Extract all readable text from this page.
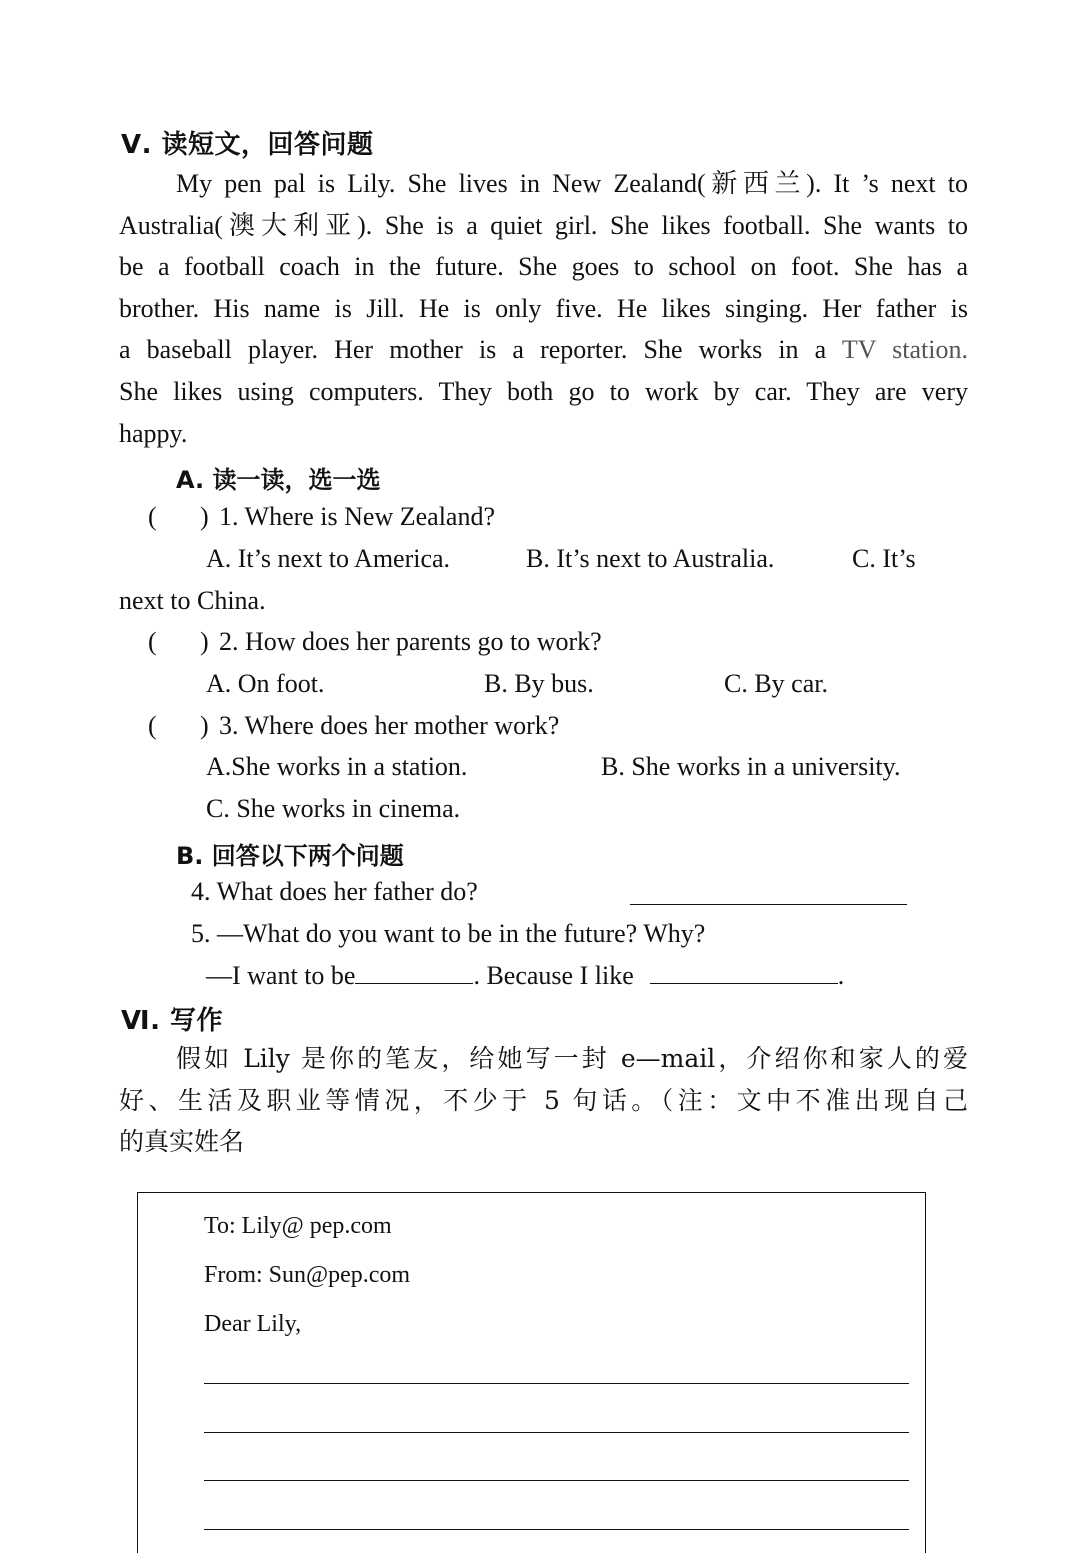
Ⅴ. 读短文，回答问题
My pen pal is Lily. She lives in New Zealand(新西兰). It ’s next to
Australia(澳大利亚). She is a quiet girl. She likes football. She wants to
be a football coach in the future. She goes to school on foot. She has a
brother. His name is Jill. He is only five. He likes singing. Her father is
a baseball player. Her mother is a reporter. She works in a TV station.
She likes using computers. They both go to work by car. They are very
happy.
A. 读一读，选一选
( ) 1. Where is New Zealand?
A. It’s next to America.	B. It’s next to Australia.	C. It’s
next to China.
( ) 2. How does her parents go to work?
A. On foot.	B. By bus.	C. By car.
( ) 3. Where does her mother work?
A.She works in a station.	B. She works in a university.
C. She works in cinema.
B. 回答以下两个问题
4. What does her father do?
5. —What do you want to be in the future? Why?
—I want to be	. Because I like	.
Ⅵ. 写作
假如 Lily 是你的笔友，给她写一封 e—mail，介绍你和家人的爱
好、生活及职业等情况，不少于 5 句话。（注：文中不准出现自己
的真实姓名
To: Lily@ pep.com
From: Sun@pep.com
Dear Lily,
